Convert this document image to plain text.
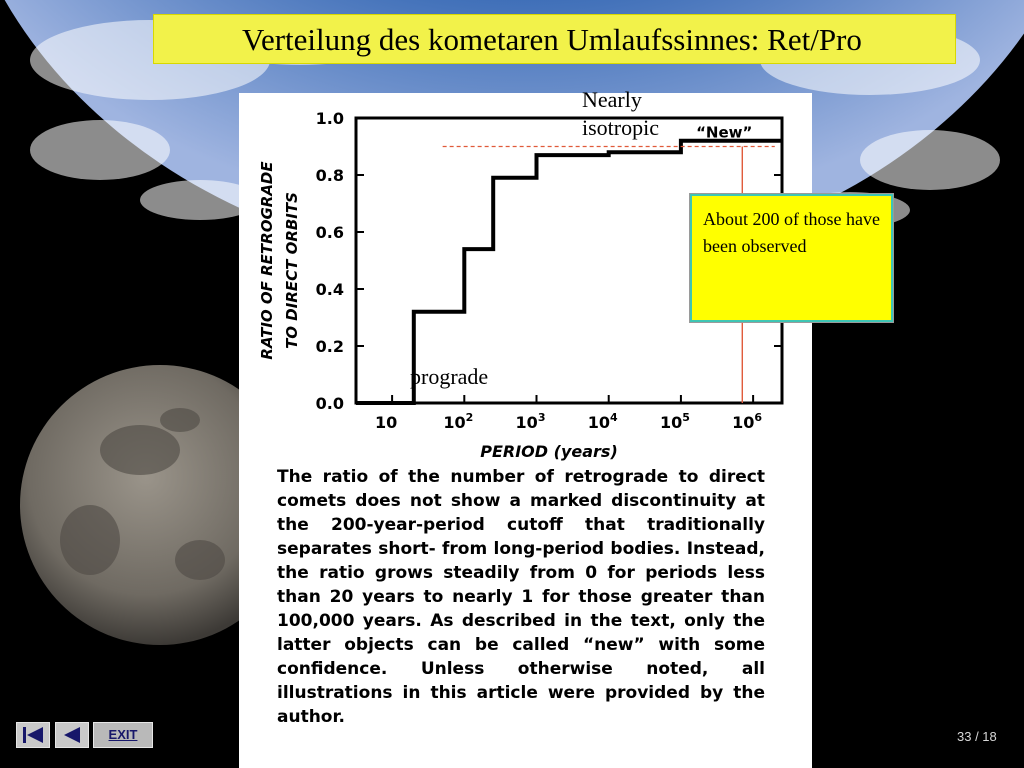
Verteilung des kometaren Umlaufssinnes: Ret/Pro
0.0
0.2
0.4
0.6
0.8
1.0
10	$10^2$	$10^3$	$10^4$	$10^5$	$10^6$
“New”
RATIO OF RETROGRADE TO DIRECT ORBITS
PERIOD (years)
The ratio of the number of retrograde to direct comets does not show a marked discontinuity at the 200-year-period cutoff that traditionally separates short- from long-period bodies. Instead, the ratio grows steadily from 0 for periods less than 20 years to nearly 1 for those greater than 100,000 years. As described in the text, only the latter objects can be called “new” with some confidence. Unless otherwise noted, all illustrations in this article were provided by the author.
Nearly
isotropic
prograde
About 200 of those have been observed
EXIT	33 / 18
